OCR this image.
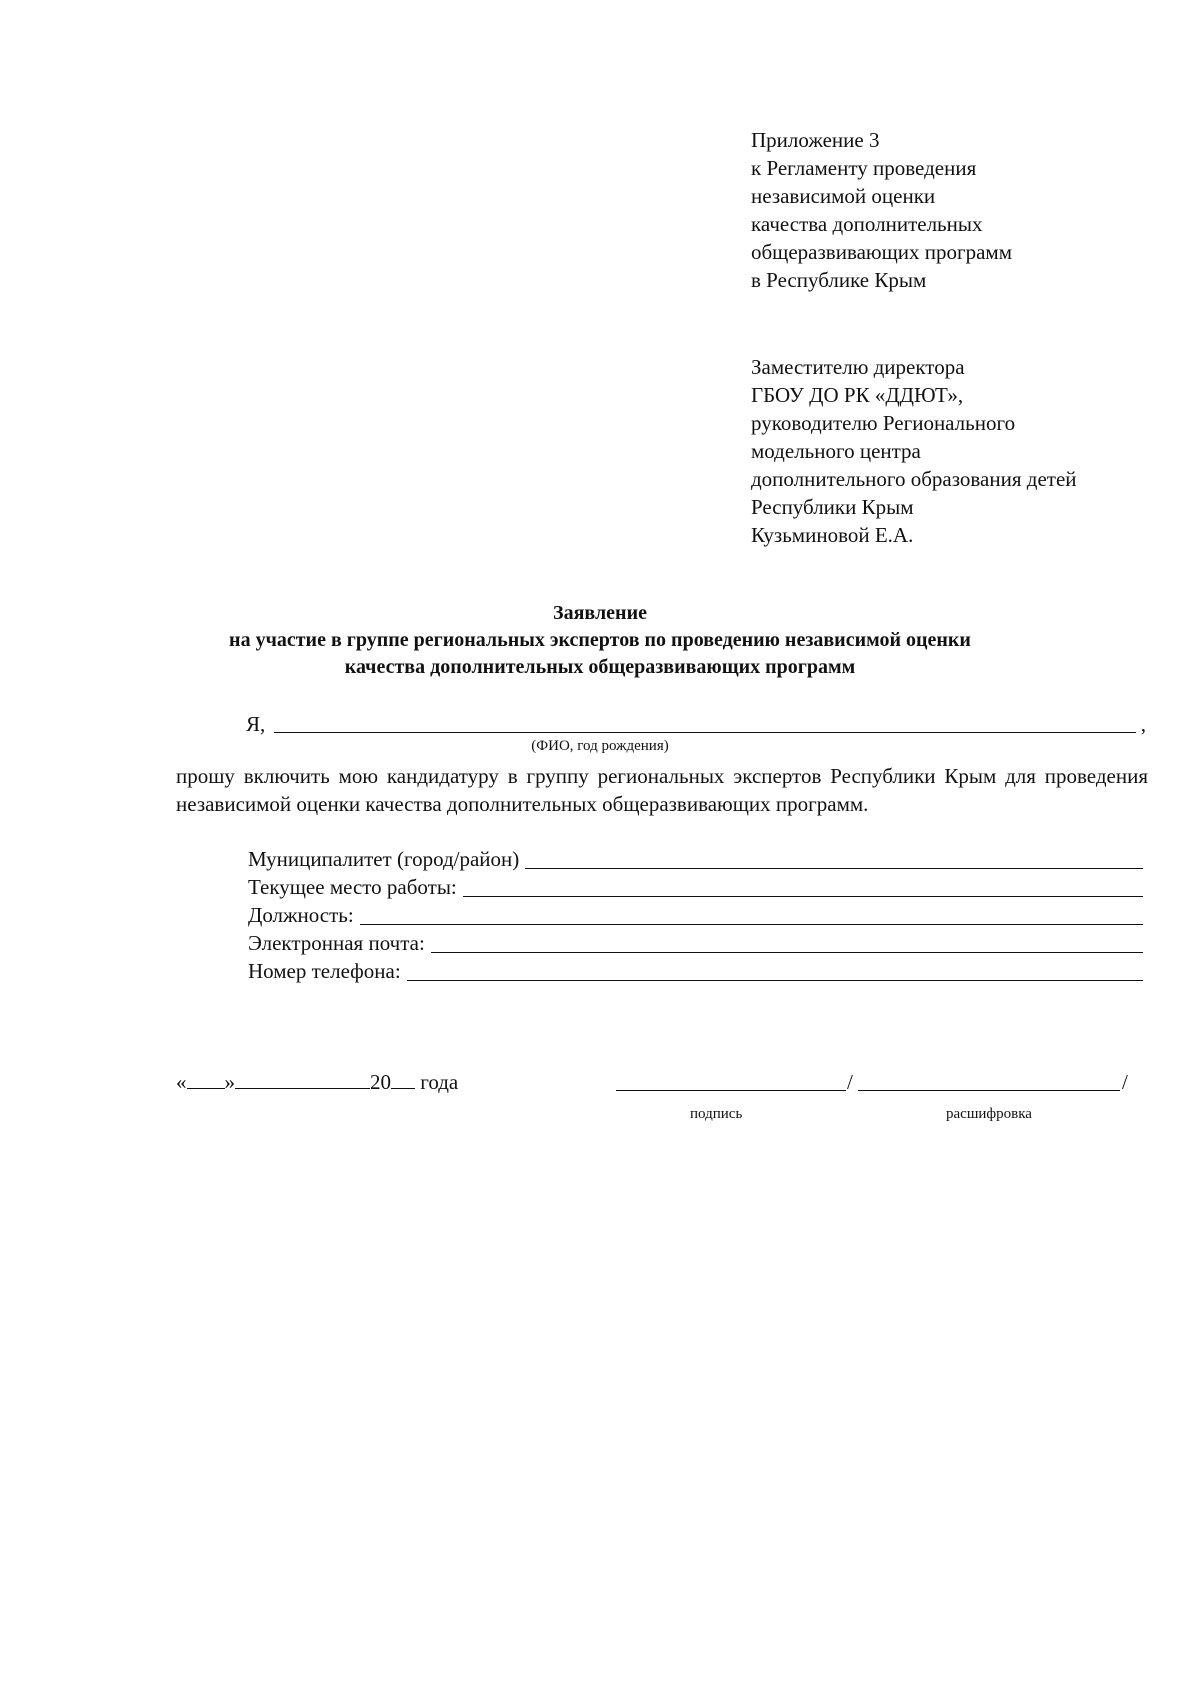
Приложение 3
к Регламенту проведения
независимой оценки
качества дополнительных
общеразвивающих программ
в Республике Крым
Заместителю директора
ГБОУ ДО РК «ДДЮТ»,
руководителю Регионального
модельного центра
дополнительного образования детей
Республики Крым
Кузьминовой Е.А.
Заявление
на участие в группе региональных экспертов по проведению независимой оценки
качества дополнительных общеразвивающих программ
Я,	,
(ФИО, год рождения)
прошу включить мою кандидатуру в группу региональных экспертов Республики Крым для проведения независимой оценки качества дополнительных общеразвивающих программ.
Муниципалитет (город/район)
Текущее место работы:
Должность:
Электронная почта:
Номер телефона:
« »	20 года	/	/
подпись	расшифровка
